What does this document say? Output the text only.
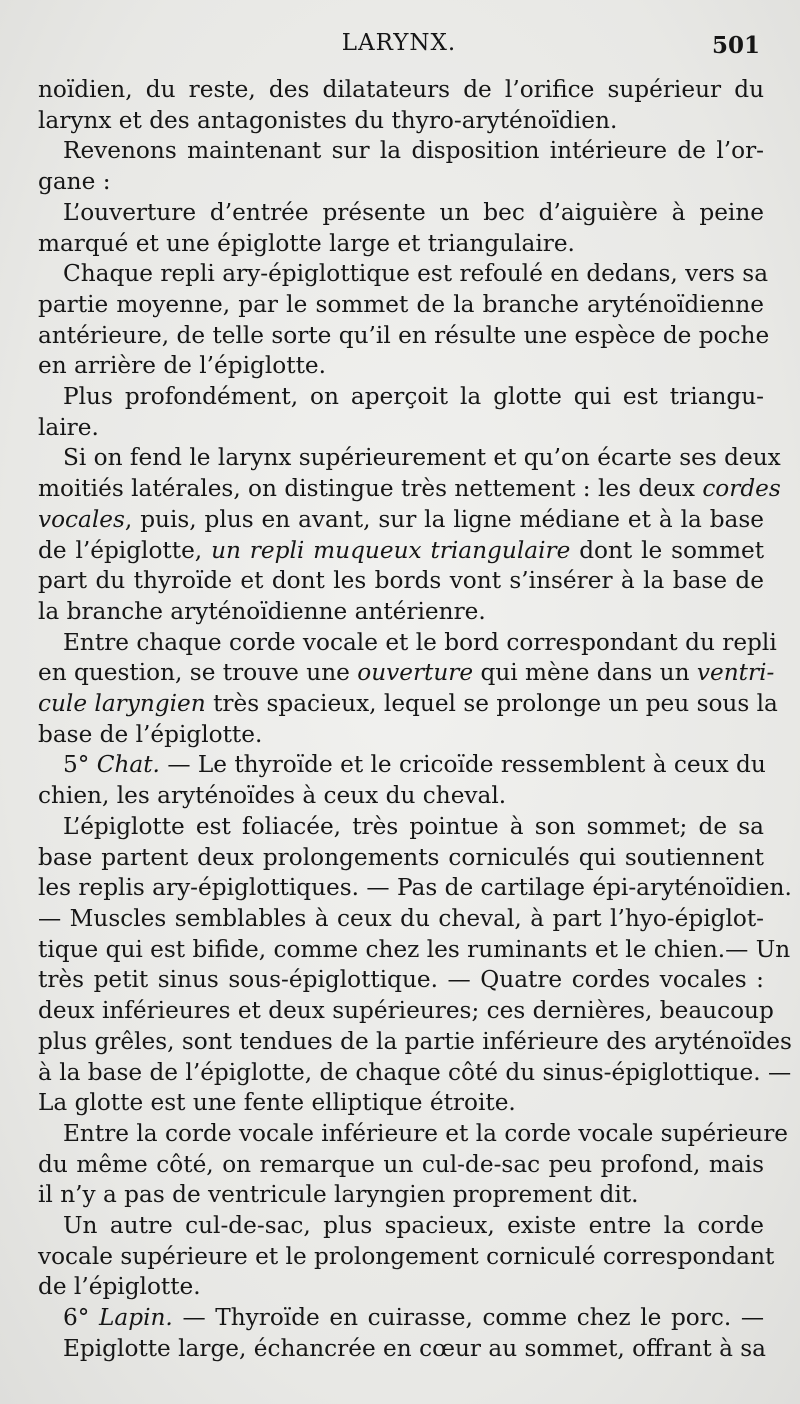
LARYNX.	501
noïdien, du reste, des dilatateurs de l’orifice supérieur du
larynx et des antagonistes du thyro-aryténoïdien.
Revenons maintenant sur la disposition intérieure de l’or-
gane :
L’ouverture d’entrée présente un bec d’aiguière à peine
marqué et une épiglotte large et triangulaire.
Chaque repli ary-épiglottique est refoulé en dedans, vers sa
partie moyenne, par le sommet de la branche aryténoïdienne
antérieure, de telle sorte qu’il en résulte une espèce de poche
en arrière de l’épiglotte.
Plus profondément, on aperçoit la glotte qui est triangu-
laire.
Si on fend le larynx supérieurement et qu’on écarte ses deux
moitiés latérales, on distingue très nettement : les deux cordes
vocales, puis, plus en avant, sur la ligne médiane et à la base
de l’épiglotte, un repli muqueux triangulaire dont le sommet
part du thyroïde et dont les bords vont s’insérer à la base de
la branche aryténoïdienne antérienre.
Entre chaque corde vocale et le bord correspondant du repli
en question, se trouve une ouverture qui mène dans un ventri-
cule laryngien très spacieux, lequel se prolonge un peu sous la
base de l’épiglotte.
5° Chat. — Le thyroïde et le cricoïde ressemblent à ceux du
chien, les aryténoïdes à ceux du cheval.
L’épiglotte est foliacée, très pointue à son sommet; de sa
base partent deux prolongements corniculés qui soutiennent
les replis ary-épiglottiques. — Pas de cartilage épi-aryténoïdien.
— Muscles semblables à ceux du cheval, à part l’hyo-épiglot-
tique qui est bifide, comme chez les ruminants et le chien.— Un
très petit sinus sous-épiglottique. — Quatre cordes vocales :
deux inférieures et deux supérieures; ces dernières, beaucoup
plus grêles, sont tendues de la partie inférieure des aryténoïdes
à la base de l’épiglotte, de chaque côté du sinus-épiglottique. —
La glotte est une fente elliptique étroite.
Entre la corde vocale inférieure et la corde vocale supérieure
du même côté, on remarque un cul-de-sac peu profond, mais
il n’y a pas de ventricule laryngien proprement dit.
Un autre cul-de-sac, plus spacieux, existe entre la corde
vocale supérieure et le prolongement corniculé correspondant
de l’épiglotte.
6° Lapin. — Thyroïde en cuirasse, comme chez le porc. —
Epiglotte large, échancrée en cœur au sommet, offrant à sa
